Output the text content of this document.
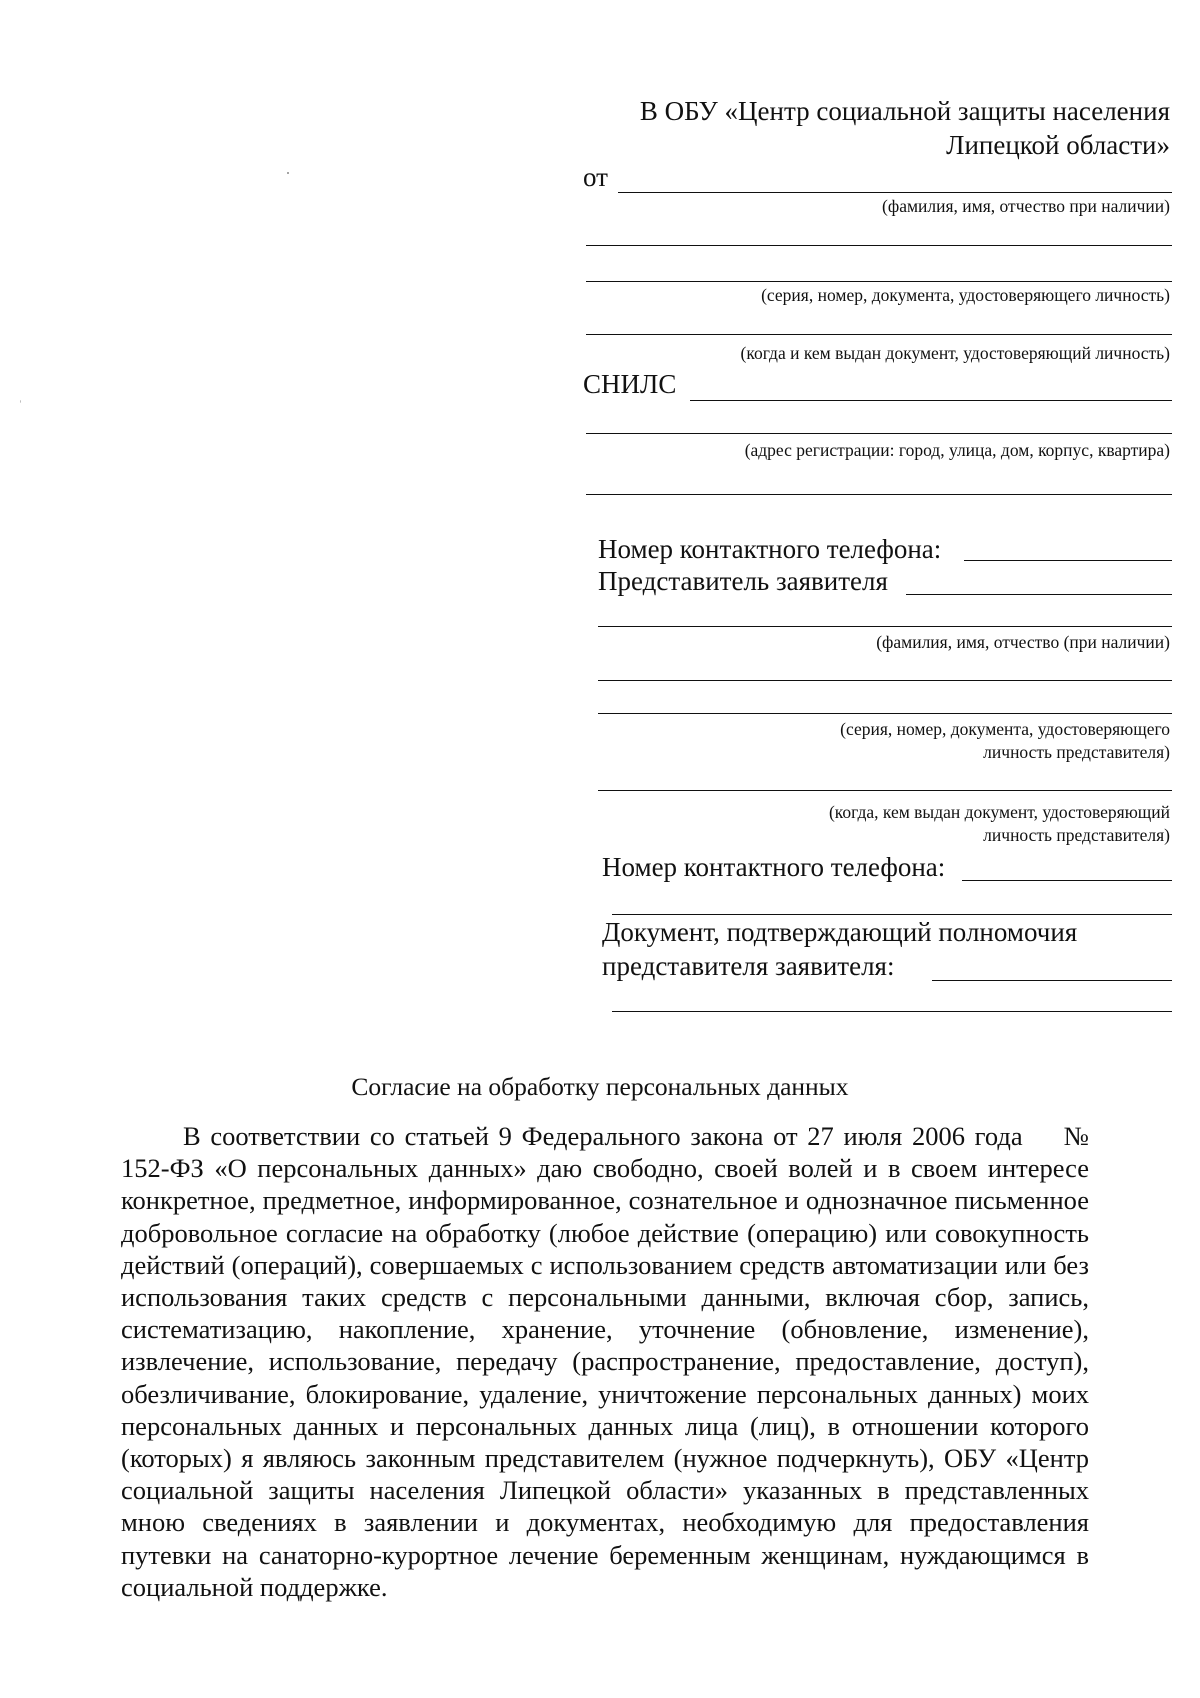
В ОБУ «Центр социальной защиты населения
Липецкой области»
от
(фамилия, имя, отчество при наличии)
(серия, номер, документа, удостоверяющего личность)
(когда и кем выдан документ, удостоверяющий личность)
СНИЛС
(адрес регистрации: город, улица, дом, корпус, квартира)
Номер контактного телефона:
Представитель заявителя
(фамилия, имя, отчество (при наличии)
(серия, номер, документа, удостоверяющего
личность представителя)
(когда, кем выдан документ, удостоверяющий
личность представителя)
Номер контактного телефона:
Документ, подтверждающий полномочия
представителя заявителя:
Согласие на обработку персональных данных

В соответствии со статьей 9 Федерального закона от 27 июля 2006 года № 152-ФЗ «О персональных данных» даю свободно, своей волей и в своем интересе конкретное, предметное, информированное, сознательное и однозначное письменное добровольное согласие на обработку (любое действие (операцию) или совокупность действий (операций), совершаемых с использованием средств автоматизации или без использования таких средств с персональными данными, включая сбор, запись, систематизацию, накопление, хранение, уточнение (обновление, изменение), извлечение, использование, передачу (распространение, предоставление, доступ), обезличивание, блокирование, удаление, уничтожение персональных данных) моих персональных данных и персональных данных лица (лиц), в отношении которого (которых) я являюсь законным представителем (нужное подчеркнуть), ОБУ «Центр социальной защиты населения Липецкой области» указанных в представленных мною сведениях в заявлении и документах, необходимую для предоставления путевки на санаторно-курортное лечение беременным женщинам, нуждающимся в социальной поддержке.
